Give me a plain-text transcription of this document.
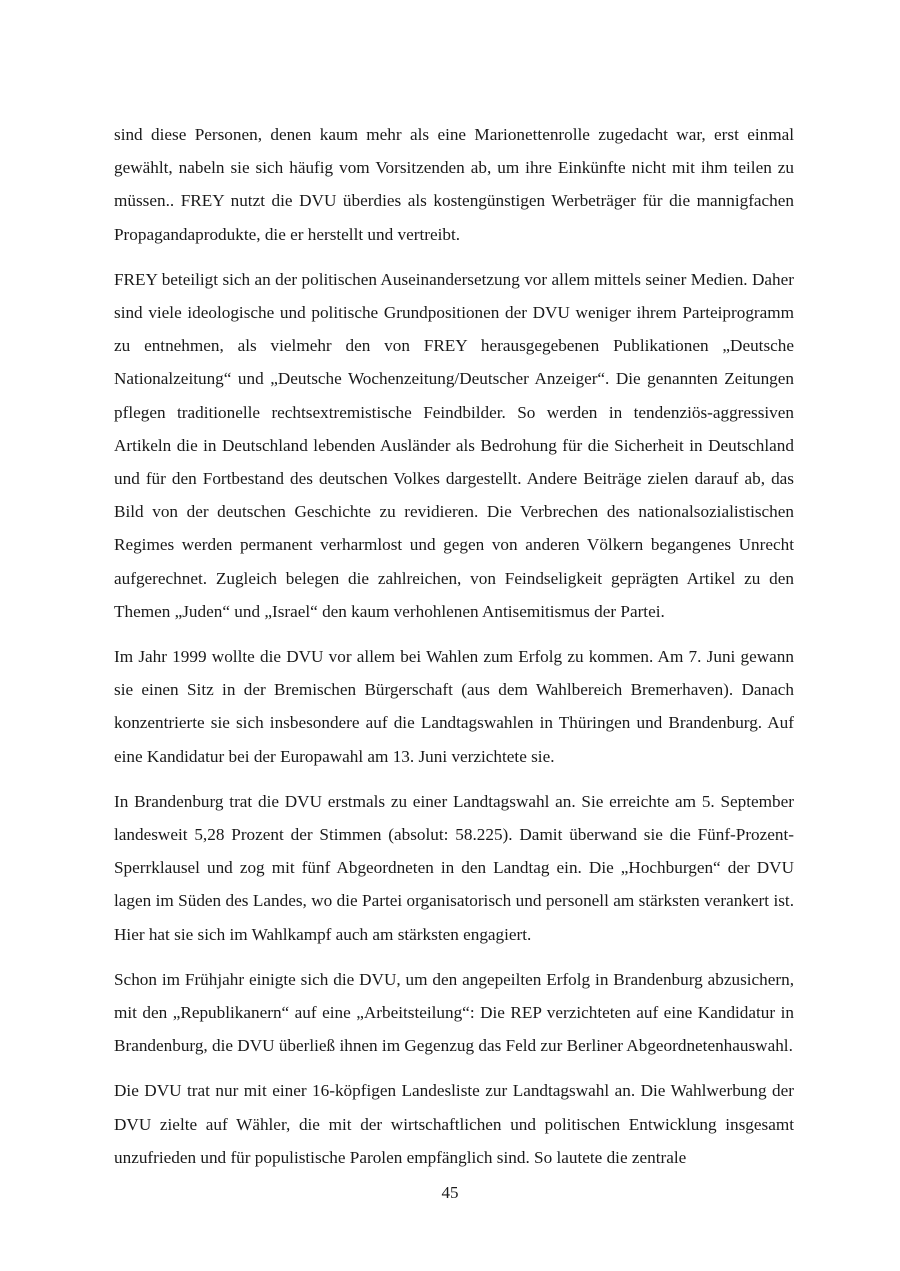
sind diese Personen, denen kaum mehr als eine Marionettenrolle zugedacht war, erst einmal gewählt, nabeln sie sich häufig vom Vorsitzenden ab, um ihre Einkünfte nicht mit ihm teilen zu müssen.. FREY nutzt die DVU überdies als kostengünstigen Werbeträger für die mannigfachen Propagandaprodukte, die er herstellt und vertreibt.

FREY beteiligt sich an der politischen Auseinandersetzung vor allem mittels seiner Medien. Daher sind viele ideologische und politische Grundpositionen der DVU weniger ihrem Parteiprogramm zu entnehmen, als vielmehr den von FREY herausgegebenen Publikationen „Deutsche Nationalzeitung“ und „Deutsche Wochenzeitung/Deutscher Anzeiger“. Die genannten Zeitungen pflegen traditionelle rechtsextremistische Feindbilder. So werden in tendenziös-aggressiven Artikeln die in Deutschland lebenden Ausländer als Bedrohung für die Sicherheit in Deutschland und für den Fortbestand des deutschen Volkes dargestellt. Andere Beiträge zielen darauf ab, das Bild von der deutschen Geschichte zu revidieren. Die Verbrechen des nationalsozialistischen Regimes werden permanent verharmlost und gegen von anderen Völkern begangenes Unrecht aufgerechnet. Zugleich belegen die zahlreichen, von Feindseligkeit geprägten Artikel zu den Themen „Juden“ und „Israel“ den kaum verhohlenen Antisemitismus der Partei.

Im Jahr 1999 wollte die DVU vor allem bei Wahlen zum Erfolg zu kommen. Am 7. Juni gewann sie einen Sitz in der Bremischen Bürgerschaft (aus dem Wahlbereich Bremerhaven). Danach konzentrierte sie sich insbesondere auf die Landtagswahlen in Thüringen und Brandenburg. Auf eine Kandidatur bei der Europawahl am 13. Juni verzichtete sie.

In Brandenburg trat die DVU erstmals zu einer Landtagswahl an. Sie erreichte am 5. September landesweit 5,28 Prozent der Stimmen (absolut: 58.225). Damit überwand sie die Fünf-Prozent-Sperrklausel und zog mit fünf Abgeordneten in den Landtag ein. Die „Hochburgen“ der DVU lagen im Süden des Landes, wo die Partei organisatorisch und personell am stärksten verankert ist. Hier hat sie sich im Wahlkampf auch am stärksten engagiert.

Schon im Frühjahr einigte sich die DVU, um den angepeilten Erfolg in Brandenburg abzusichern, mit den „Republikanern“ auf eine „Arbeitsteilung“: Die REP verzichteten auf eine Kandidatur in Brandenburg, die DVU überließ ihnen im Gegenzug das Feld zur Berliner Abgeordnetenhauswahl.

Die DVU trat nur mit einer 16-köpfigen Landesliste zur Landtagswahl an. Die Wahlwerbung der DVU zielte auf Wähler, die mit der wirtschaftlichen und politischen Entwicklung insgesamt unzufrieden und für populistische Parolen empfänglich sind. So lautete die zentrale

45
